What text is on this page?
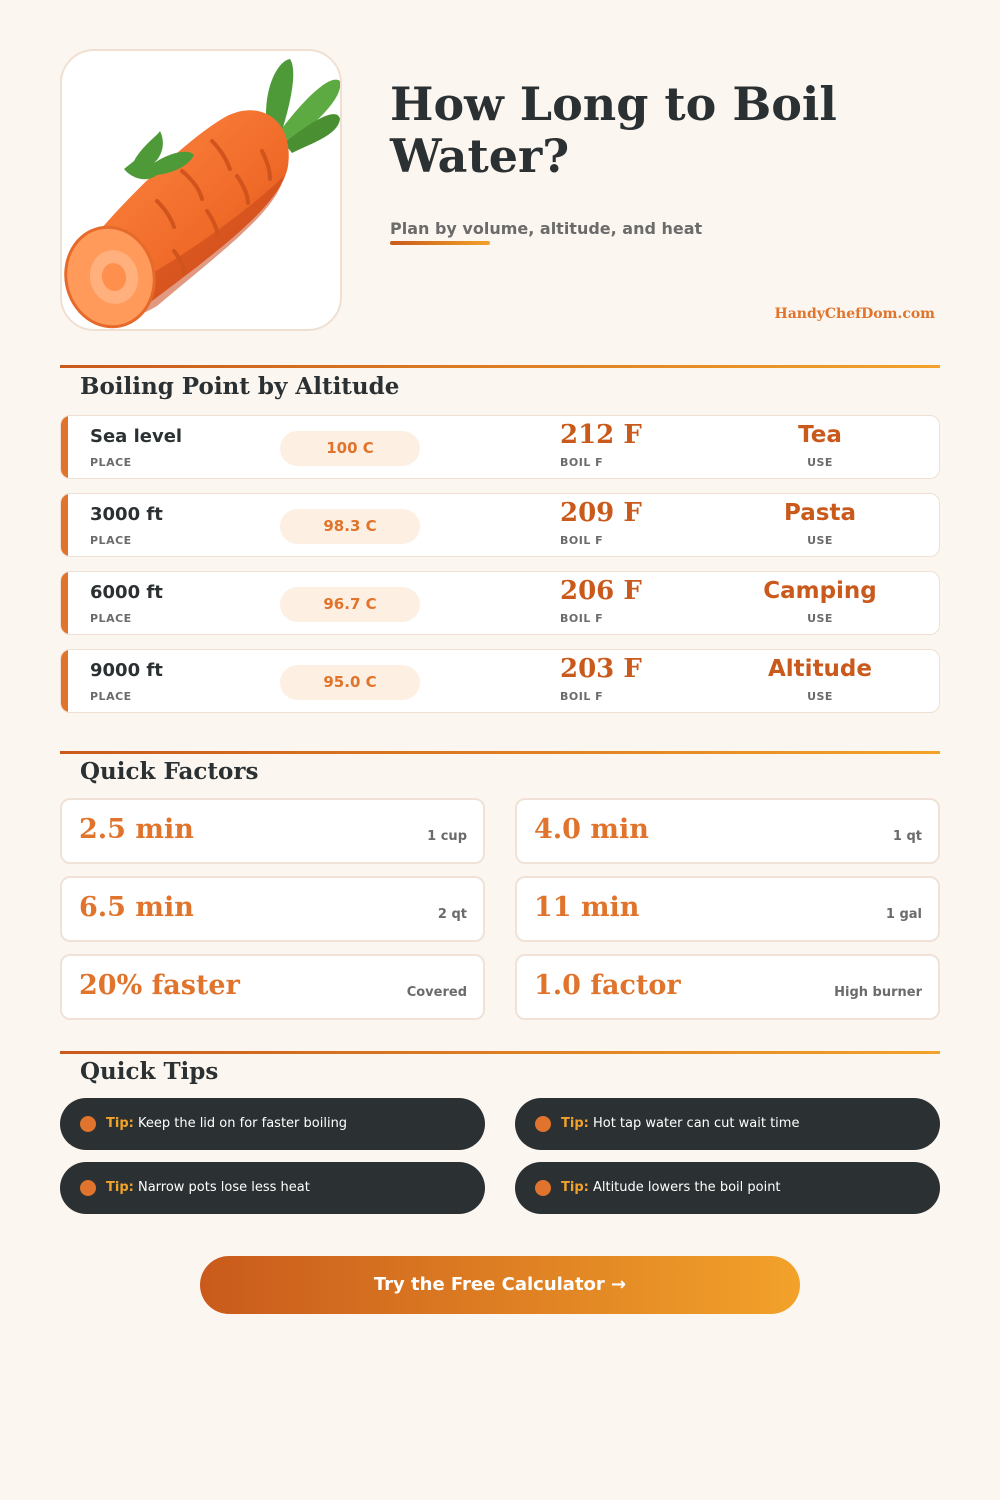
How Long to Boil Water?
Plan by volume, altitude, and heat
HandyChefDom.com
Boiling Point by Altitude
Sea level
PLACE
100 C	212 F
BOIL F
Tea
USE
3000 ft
PLACE
98.3 C	209 F
BOIL F
Pasta
USE
6000 ft
PLACE
96.7 C	206 F
BOIL F
Camping
USE
9000 ft
PLACE
95.0 C	203 F
BOIL F
Altitude
USE
Quick Factors
2.5 min	1 cup 4.0 min	1 qt
6.5 min	2 qt 11 min	1 gal
20% faster	Covered 1.0 factor	High burner
Quick Tips
Tip: Keep the lid on for faster boiling	Tip: Hot tap water can cut wait time
Tip: Narrow pots lose less heat	Tip: Altitude lowers the boil point
Try the Free Calculator →
